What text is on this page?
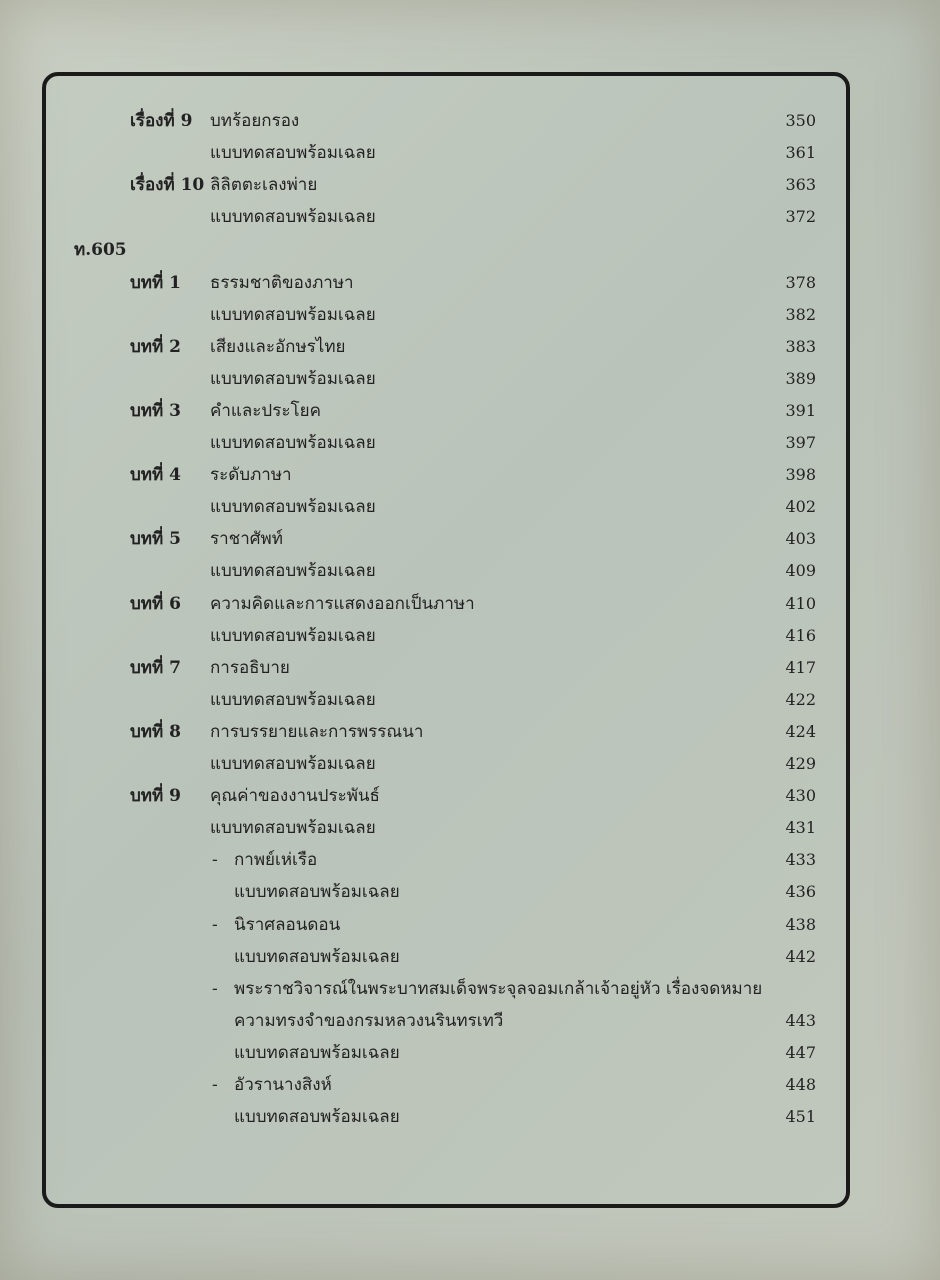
เรื่องที่ 9 บทร้อยกรอง	350
แบบทดสอบพร้อมเฉลย	361
เรื่องที่ 10 ลิลิตตะเลงพ่าย	363
แบบทดสอบพร้อมเฉลย	372
ท.605
บทที่ 1 ธรรมชาติของภาษา	378
แบบทดสอบพร้อมเฉลย	382
บทที่ 2 เสียงและอักษรไทย	383
แบบทดสอบพร้อมเฉลย	389
บทที่ 3 คำและประโยค	391
แบบทดสอบพร้อมเฉลย	397
บทที่ 4 ระดับภาษา	398
แบบทดสอบพร้อมเฉลย	402
บทที่ 5 ราชาศัพท์	403
แบบทดสอบพร้อมเฉลย	409
บทที่ 6 ความคิดและการแสดงออกเป็นภาษา	410
แบบทดสอบพร้อมเฉลย	416
บทที่ 7 การอธิบาย	417
แบบทดสอบพร้อมเฉลย	422
บทที่ 8 การบรรยายและการพรรณนา	424
แบบทดสอบพร้อมเฉลย	429
บทที่ 9 คุณค่าของงานประพันธ์	430
แบบทดสอบพร้อมเฉลย	431
- กาพย์เห่เรือ	433
แบบทดสอบพร้อมเฉลย	436
- นิราศลอนดอน	438
แบบทดสอบพร้อมเฉลย	442
- พระราชวิจารณ์ในพระบาทสมเด็จพระจุลจอมเกล้าเจ้าอยู่หัว เรื่องจดหมาย
ความทรงจำของกรมหลวงนรินทรเทวี	443
แบบทดสอบพร้อมเฉลย	447
- อัวรานางสิงห์	448
แบบทดสอบพร้อมเฉลย	451
